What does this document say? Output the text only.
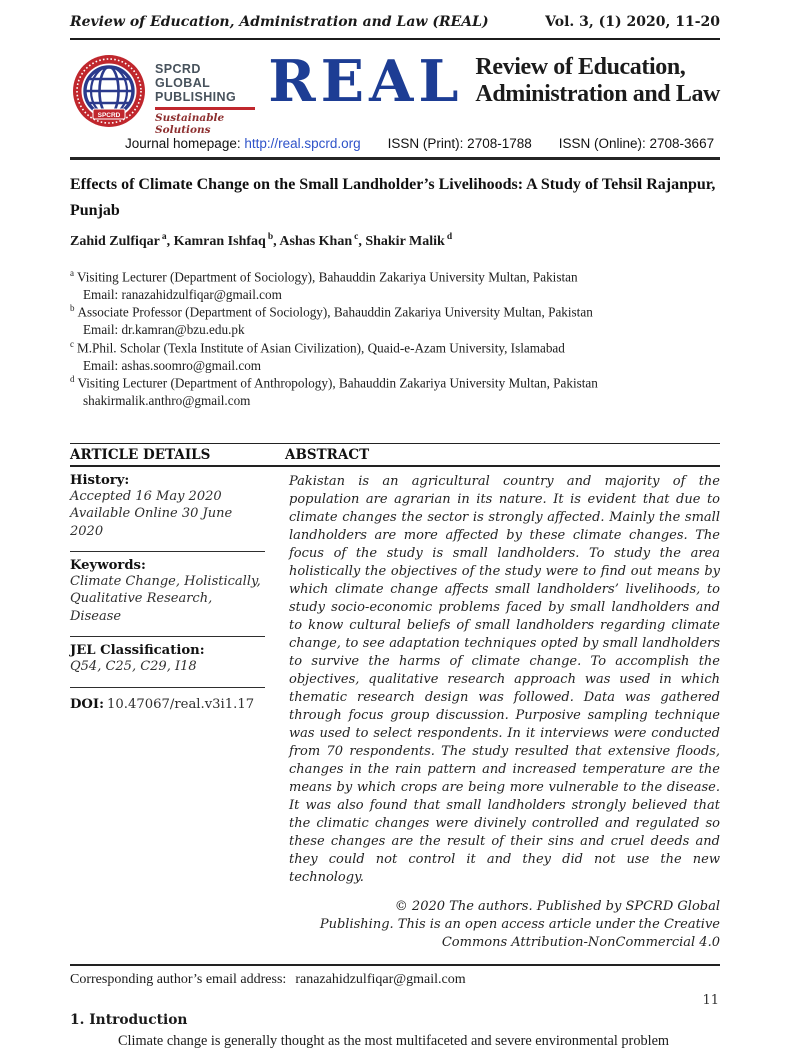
Review of Education, Administration and Law (REAL)	Vol. 3, (1) 2020, 11-20
SPCRD
SPCRD GLOBAL
PUBLISHING
Sustainable Solutions
REAL Review of Education,
Administration and Law
Journal homepage: http://real.spcrd.org ISSN (Print): 2708-1788 ISSN (Online): 2708-3667
Effects of Climate Change on the Small Landholder’s Livelihoods: A Study of Tehsil Rajanpur, Punjab
Zahid Zulfiqar $^a$, Kamran Ishfaq $^b$, Ashas Khan $^c$, Shakir Malik $^d$
$^a$ Visiting Lecturer (Department of Sociology), Bahauddin Zakariya University Multan, Pakistan
Email: ranazahidzulfiqar@gmail.com
$^b$ Associate Professor (Department of Sociology), Bahauddin Zakariya University Multan, Pakistan
Email: dr.kamran@bzu.edu.pk
$^c$ M.Phil. Scholar (Texla Institute of Asian Civilization), Quaid-e-Azam University, Islamabad
Email: ashas.soomro@gmail.com
$^d$ Visiting Lecturer (Department of Anthropology), Bahauddin Zakariya University Multan, Pakistan
shakirmalik.anthro@gmail.com
ARTICLE DETAILS	ABSTRACT
History:
Accepted 16 May 2020
Available Online 30 June 2020
Keywords:
Climate Change, Holistically,
Qualitative Research, Disease
JEL Classification:
Q54, C25, C29, I18
DOI: 10.47067/real.v3i1.17
Pakistan is an agricultural country and majority of the population are agrarian in its nature. It is evident that due to climate changes the sector is strongly affected. Mainly the small landholders are more affected by these climate changes. The focus of the study is small landholders. To study the area holistically the objectives of the study were to find out means by which climate change affects small landholders’ livelihoods, to study socio-economic problems faced by small landholders and to know cultural beliefs of small landholders regarding climate change, to see adaptation techniques opted by small landholders to survive the harms of climate change. To accomplish the objectives, qualitative research approach was used in which thematic research design was followed. Data was gathered through focus group discussion. Purposive sampling technique was used to select respondents. In it interviews were conducted from 70 respondents. The study resulted that extensive floods, changes in the rain pattern and increased temperature are the means by which crops are being more vulnerable to the disease. It was also found that small landholders strongly believed that the climatic changes were divinely controlled and regulated so these changes are the result of their sins and cruel deeds and they could not control it and they did not use the new technology.
© 2020 The authors. Published by SPCRD Global Publishing. This is an open access article under the Creative Commons Attribution-NonCommercial 4.0
Corresponding author’s email address: ranazahidzulfiqar@gmail.com
1. Introduction
Climate change is generally thought as the most multifaceted and severe environmental problem
11
